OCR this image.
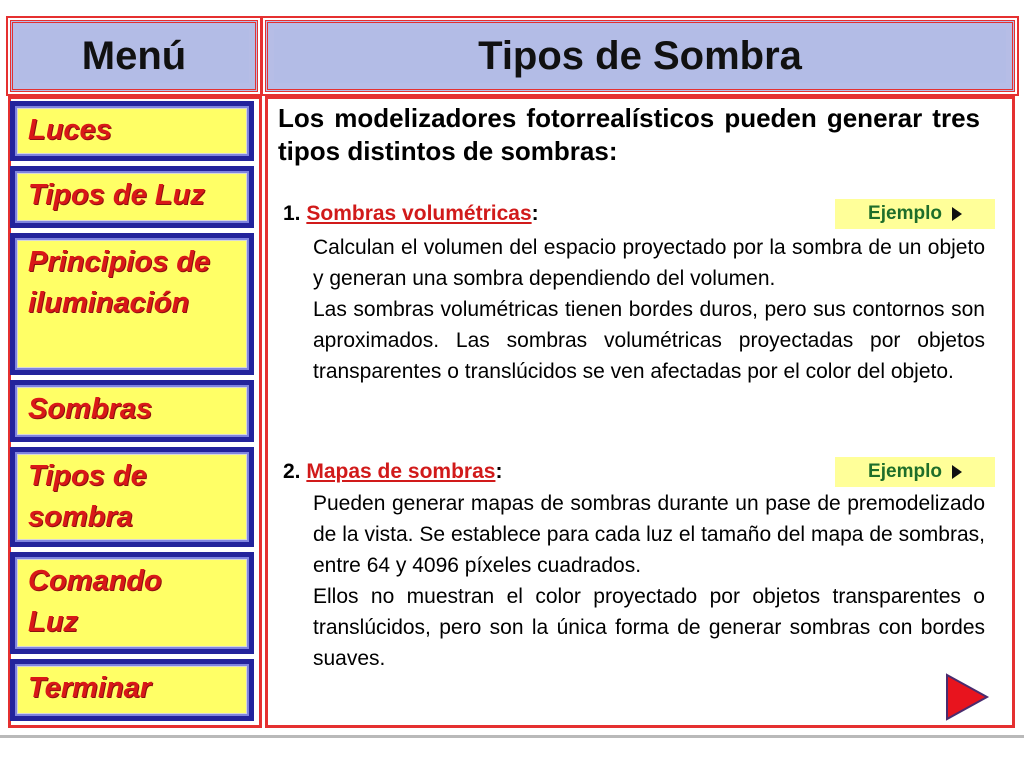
Menú	Tipos de Sombra
Luces
Tipos de Luz
Principios de
iluminación
Sombras
Tipos de
sombra
Comando
Luz
Terminar
Los modelizadores fotorrealísticos pueden generar tres tipos distintos de sombras:
1. Sombras volumétricas:	Ejemplo

Calculan el volumen del espacio proyectado por la sombra de un objeto y generan una sombra dependiendo del volumen.

Las sombras volumétricas tienen bordes duros, pero sus contornos son aproximados. Las sombras volumétricas proyectadas por objetos transparentes o translúcidos se ven afectadas por el color del objeto.

2. Mapas de sombras:	Ejemplo

Pueden generar mapas de sombras durante un pase de premodelizado de la vista. Se establece para cada luz el tamaño del mapa de sombras, entre 64 y 4096 píxeles cuadrados.

Ellos no muestran el color proyectado por objetos transparentes o translúcidos, pero son la única forma de generar sombras con bordes suaves.
